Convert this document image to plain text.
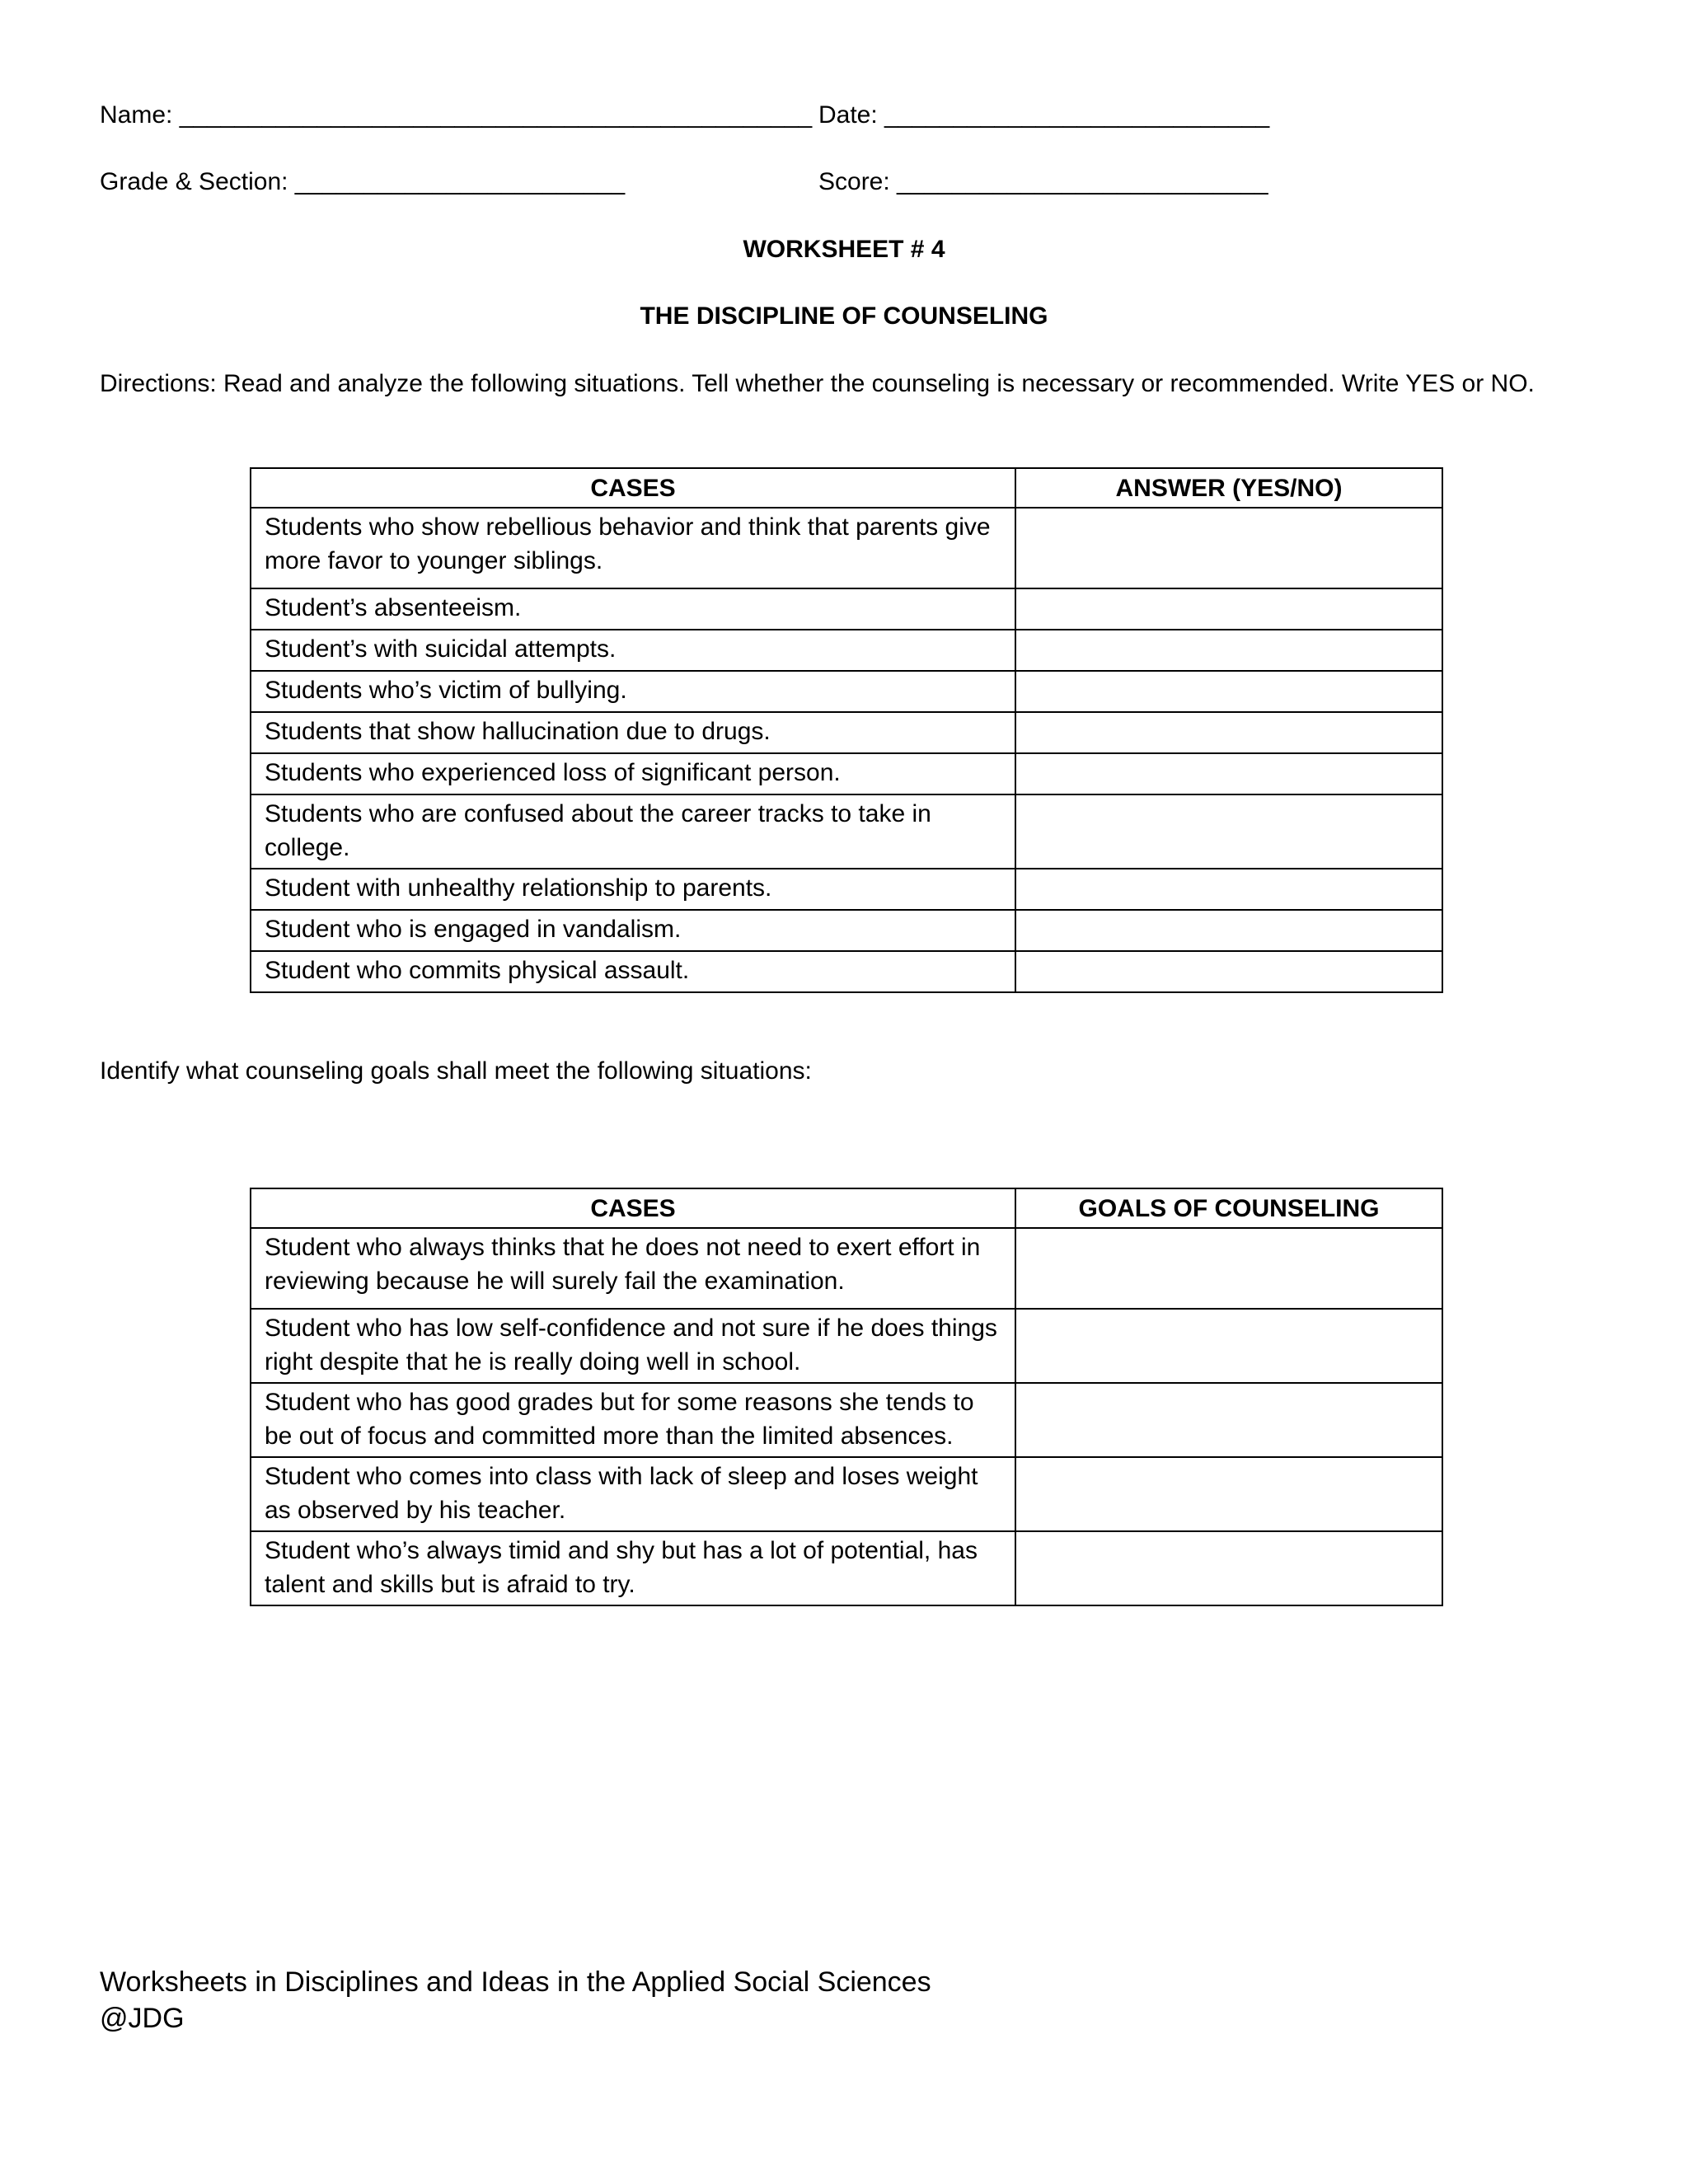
Name: ______________________________________________ Date: ____________________________
Grade & Section: ________________________	Score: ___________________________
WORKSHEET # 4
THE DISCIPLINE OF COUNSELING
Directions: Read and analyze the following situations. Tell whether the counseling is necessary or recommended. Write YES or NO.
CASES	ANSWER (YES/NO)
Students who show rebellious behavior and think that parents give more favor to younger siblings.	
Student’s absenteeism.	
Student’s with suicidal attempts.	
Students who’s victim of bullying.	
Students that show hallucination due to drugs.	
Students who experienced loss of significant person.	
Students who are confused about the career tracks to take in college.	
Student with unhealthy relationship to parents.	
Student who is engaged in vandalism.	
Student who commits physical assault.	
Identify what counseling goals shall meet the following situations:
CASES	GOALS OF COUNSELING
Student who always thinks that he does not need to exert effort in reviewing because he will surely fail the examination.	
Student who has low self-confidence and not sure if he does things right despite that he is really doing well in school.	
Student who has good grades but for some reasons she tends to be out of focus and committed more than the limited absences.	
Student who comes into class with lack of sleep and loses weight as observed by his teacher.	
Student who’s always timid and shy but has a lot of potential, has talent and skills but is afraid to try.	
Worksheets in Disciplines and Ideas in the Applied Social Sciences
@JDG
